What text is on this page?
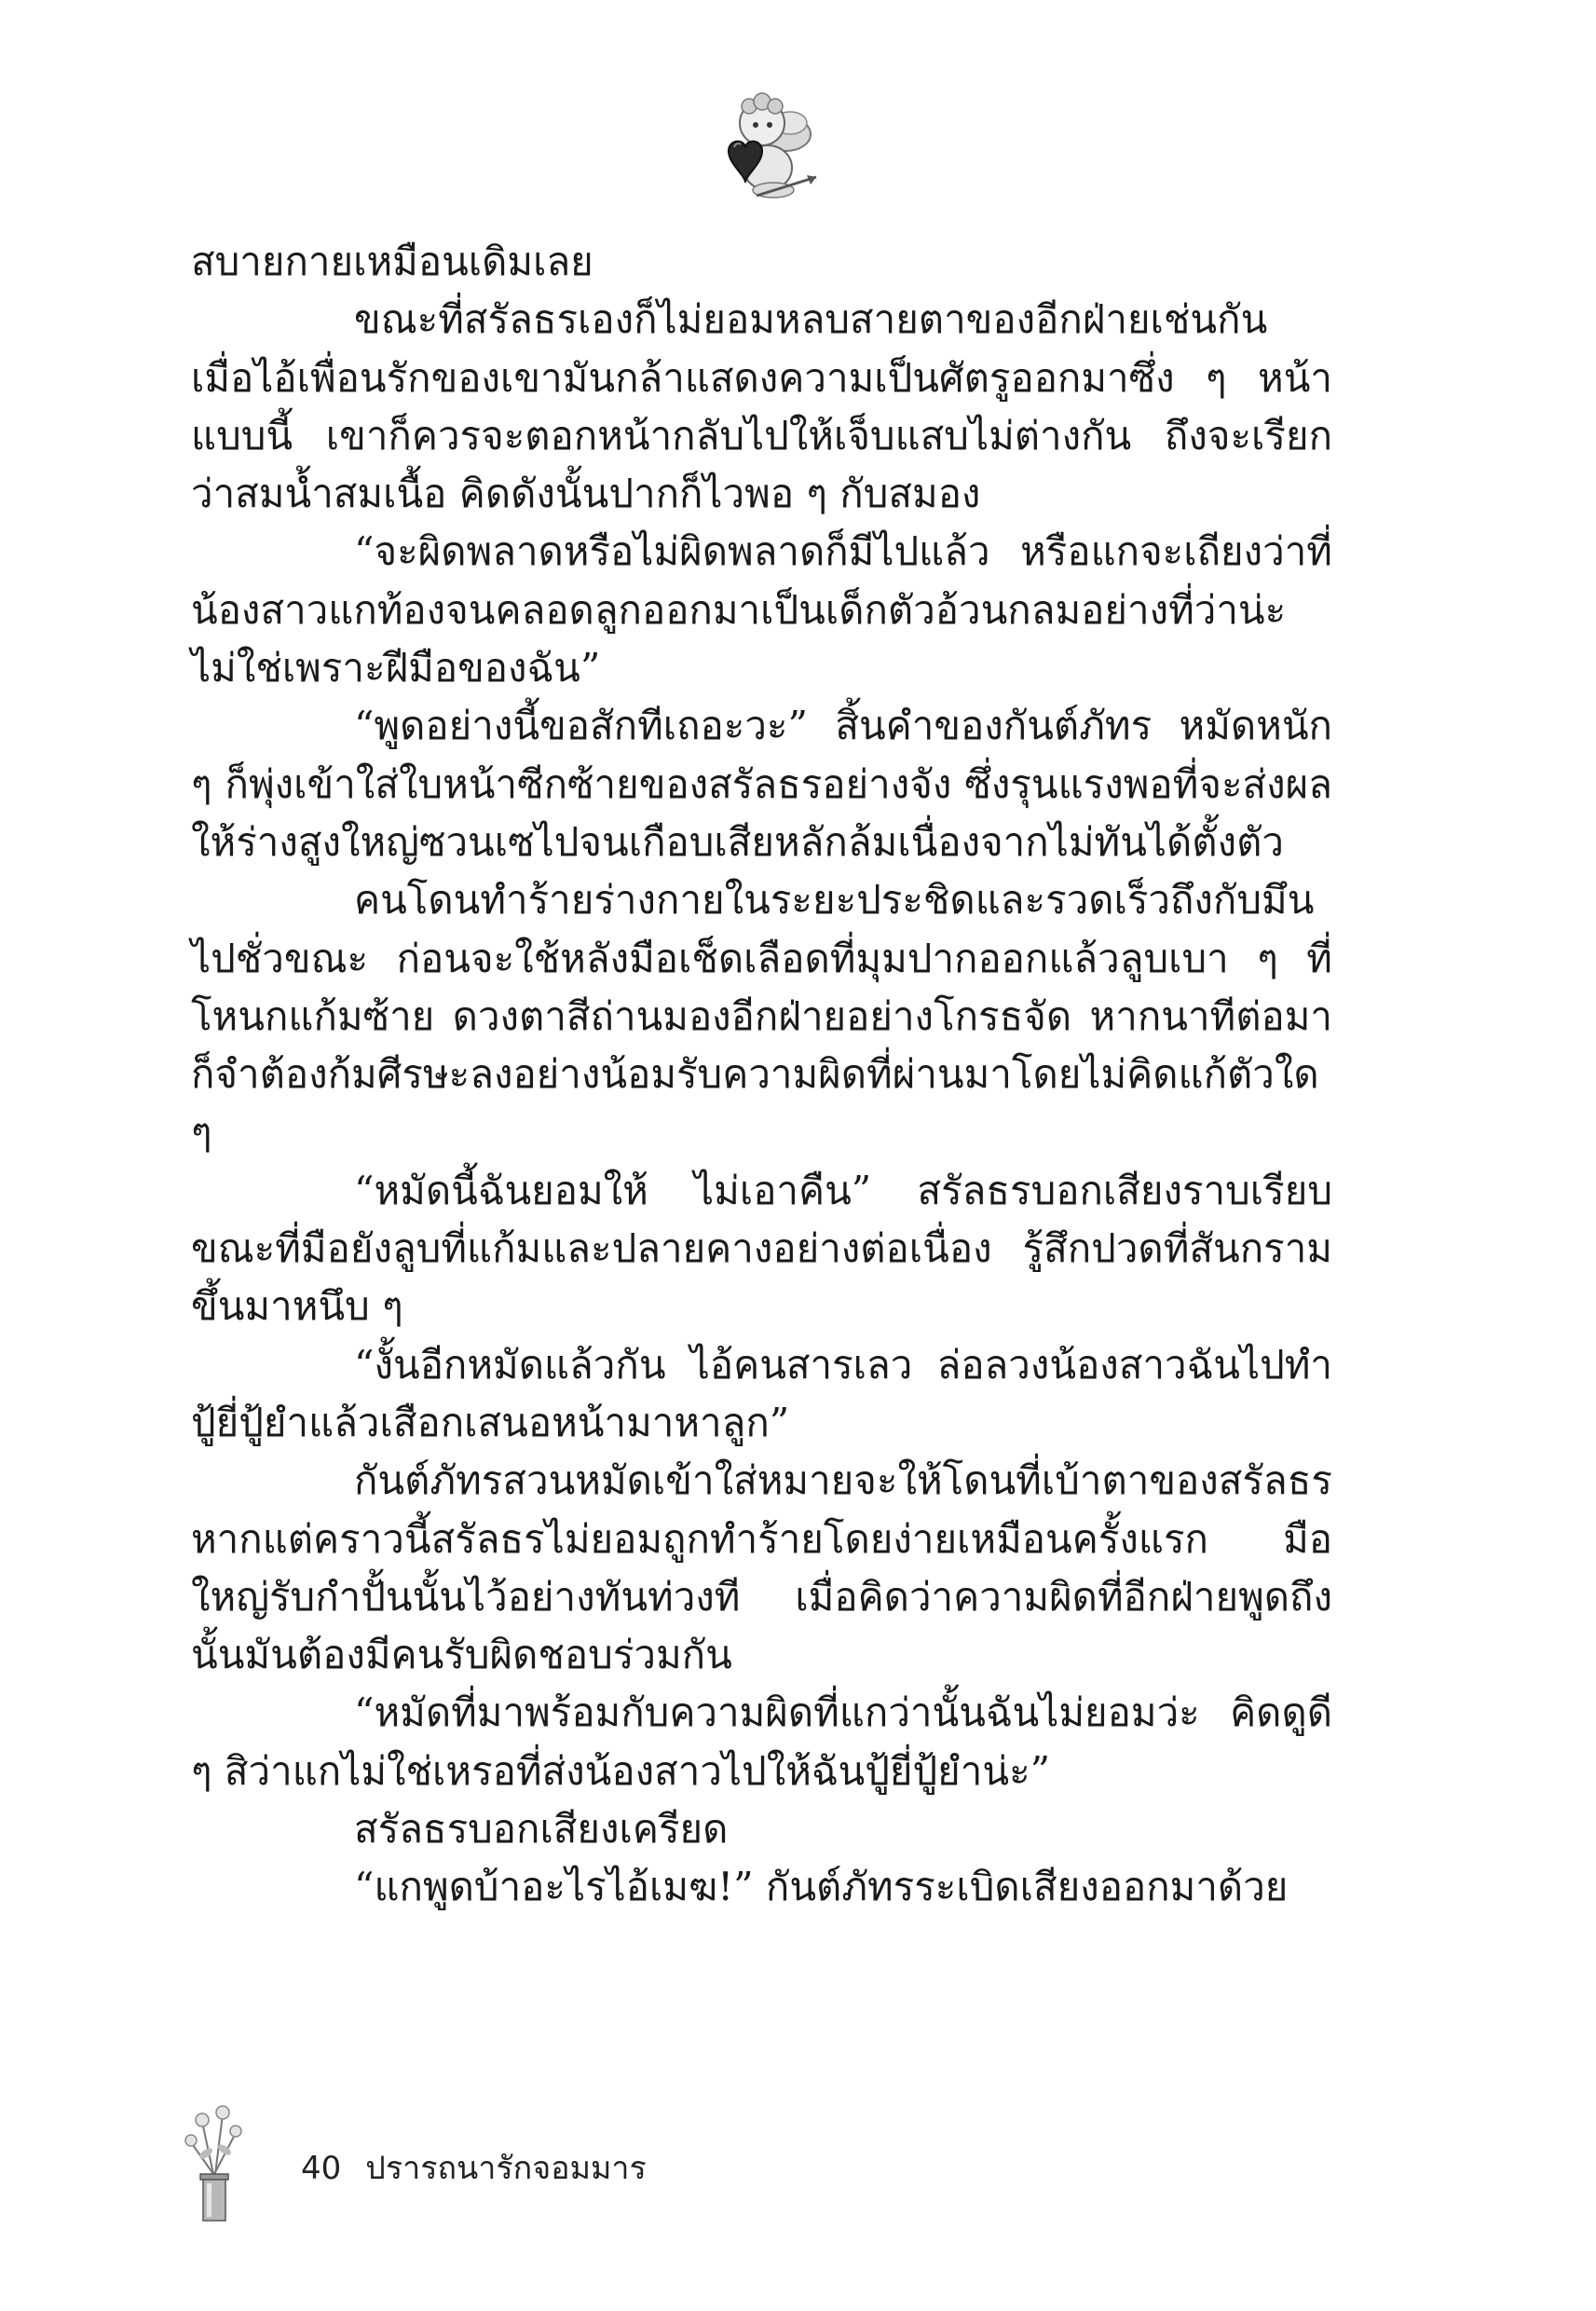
สบายกายเหมือนเดิมเลย

ขณะที่สรัลธรเองก็ไม่ยอมหลบสายตาของอีกฝ่ายเช่นกัน เมื่อไอ้เพื่อนรักของเขามันกล้าแสดงความเป็นศัตรูออกมาซึ่ง ๆ หน้าแบบนี้ เขาก็ควรจะตอกหน้ากลับไปให้เจ็บแสบไม่ต่างกัน ถึงจะเรียกว่าสมน้ำสมเนื้อ คิดดังนั้นปากก็ไวพอ ๆ กับสมอง

“จะผิดพลาดหรือไม่ผิดพลาดก็มีไปแล้ว หรือแกจะเถียงว่าที่น้องสาวแกท้องจนคลอดลูกออกมาเป็นเด็กตัวอ้วนกลมอย่างที่ว่าน่ะไม่ใช่เพราะฝีมือของฉัน”

“พูดอย่างนี้ขอสักทีเถอะวะ” สิ้นคำของกันต์ภัทร หมัดหนัก ๆ ก็พุ่งเข้าใส่ใบหน้าซีกซ้ายของสรัลธรอย่างจัง ซึ่งรุนแรงพอที่จะส่งผลให้ร่างสูงใหญ่ซวนเซไปจนเกือบเสียหลักล้มเนื่องจากไม่ทันได้ตั้งตัว

คนโดนทำร้ายร่างกายในระยะประชิดและรวดเร็วถึงกับมึนไปชั่วขณะ ก่อนจะใช้หลังมือเช็ดเลือดที่มุมปากออกแล้วลูบเบา ๆ ที่โหนกแก้มซ้าย ดวงตาสีถ่านมองอีกฝ่ายอย่างโกรธจัด หากนาทีต่อมาก็จำต้องก้มศีรษะลงอย่างน้อมรับความผิดที่ผ่านมาโดยไม่คิดแก้ตัวใด ๆ

“หมัดนี้ฉันยอมให้ ไม่เอาคืน” สรัลธรบอกเสียงราบเรียบ ขณะที่มือยังลูบที่แก้มและปลายคางอย่างต่อเนื่อง รู้สึกปวดที่สันกรามขึ้นมาหนึบ ๆ

“งั้นอีกหมัดแล้วกัน ไอ้คนสารเลว ล่อลวงน้องสาวฉันไปทำปู้ยี่ปู้ยำแล้วเสือกเสนอหน้ามาหาลูก”

กันต์ภัทรสวนหมัดเข้าใส่หมายจะให้โดนที่เบ้าตาของสรัลธร หากแต่คราวนี้สรัลธรไม่ยอมถูกทำร้ายโดยง่ายเหมือนครั้งแรก มือใหญ่รับกำปั้นนั้นไว้อย่างทันท่วงที เมื่อคิดว่าความผิดที่อีกฝ่ายพูดถึงนั้นมันต้องมีคนรับผิดชอบร่วมกัน

“หมัดที่มาพร้อมกับความผิดที่แกว่านั้นฉันไม่ยอมว่ะ คิดดูดี ๆ สิว่าแกไม่ใช่เหรอที่ส่งน้องสาวไปให้ฉันปู้ยี่ปู้ยำน่ะ”

สรัลธรบอกเสียงเครียด

“แกพูดบ้าอะไรไอ้เมฆ!” กันต์ภัทรระเบิดเสียงออกมาด้วย

40 ปรารถนารักจอมมาร
